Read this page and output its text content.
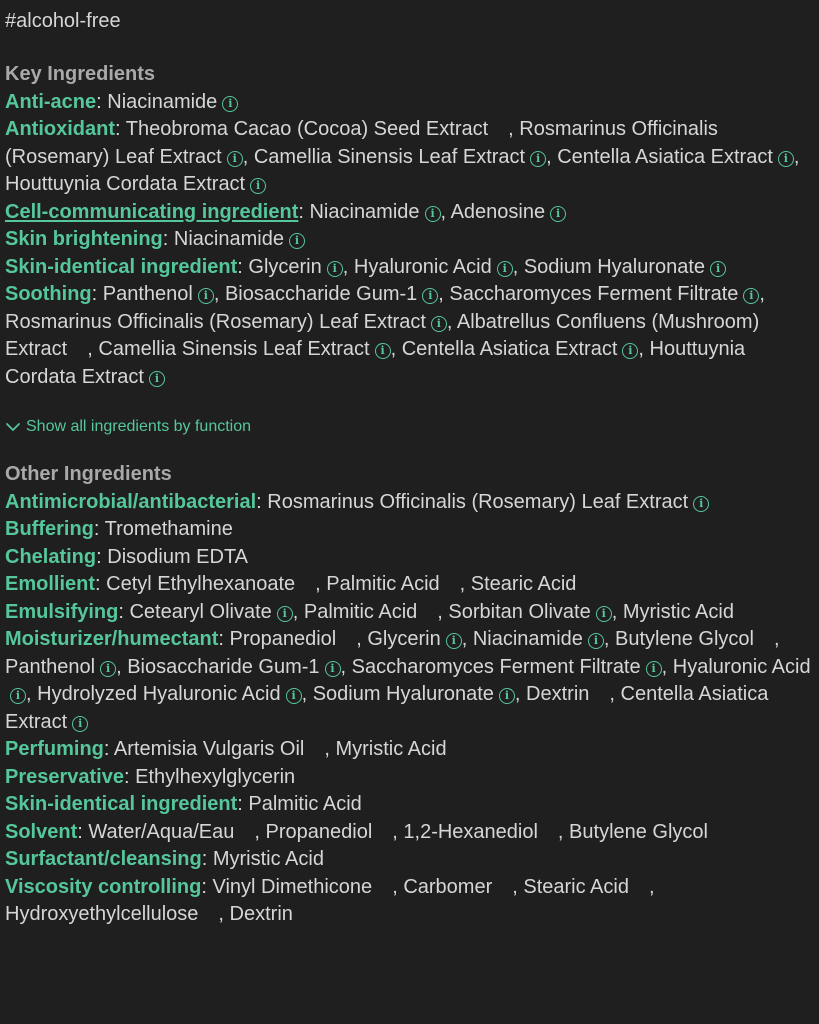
#alcohol-free
Key Ingredients
Anti-acne: Niacinamide i
Antioxidant: Theobroma Cacao (Cocoa) Seed Extract , Rosmarinus Officinalis (Rosemary) Leaf Extract i , Camellia Sinensis Leaf Extract i , Centella Asiatica Extract i , Houttuynia Cordata Extract i
Cell-communicating ingredient: Niacinamide i , Adenosine i
Skin brightening: Niacinamide i
Skin-identical ingredient: Glycerin i , Hyaluronic Acid i , Sodium Hyaluronate i
Soothing: Panthenol i , Biosaccharide Gum-1 i , Saccharomyces Ferment Filtrate i , Rosmarinus Officinalis (Rosemary) Leaf Extract i , Albatrellus Confluens (Mushroom) Extract , Camellia Sinensis Leaf Extract i , Centella Asiatica Extract i , Houttuynia Cordata Extract i
Show all ingredients by function
Other Ingredients
Antimicrobial/antibacterial: Rosmarinus Officinalis (Rosemary) Leaf Extract i
Buffering: Tromethamine
Chelating: Disodium EDTA
Emollient: Cetyl Ethylhexanoate , Palmitic Acid , Stearic Acid
Emulsifying: Cetearyl Olivate i , Palmitic Acid , Sorbitan Olivate i , Myristic Acid
Moisturizer/humectant: Propanediol , Glycerin i , Niacinamide i , Butylene Glycol , Panthenol i , Biosaccharide Gum-1 i , Saccharomyces Ferment Filtrate i , Hyaluronic Acidi , Hydrolyzed Hyaluronic Acid i , Sodium Hyaluronate i , Dextrin , Centella Asiatica Extract i
Perfuming: Artemisia Vulgaris Oil , Myristic Acid
Preservative: Ethylhexylglycerin
Skin-identical ingredient: Palmitic Acid
Solvent: Water/Aqua/Eau , Propanediol , 1,2-Hexanediol , Butylene Glycol
Surfactant/cleansing: Myristic Acid
Viscosity controlling: Vinyl Dimethicone , Carbomer , Stearic Acid , Hydroxyethylcellulose , Dextrin
